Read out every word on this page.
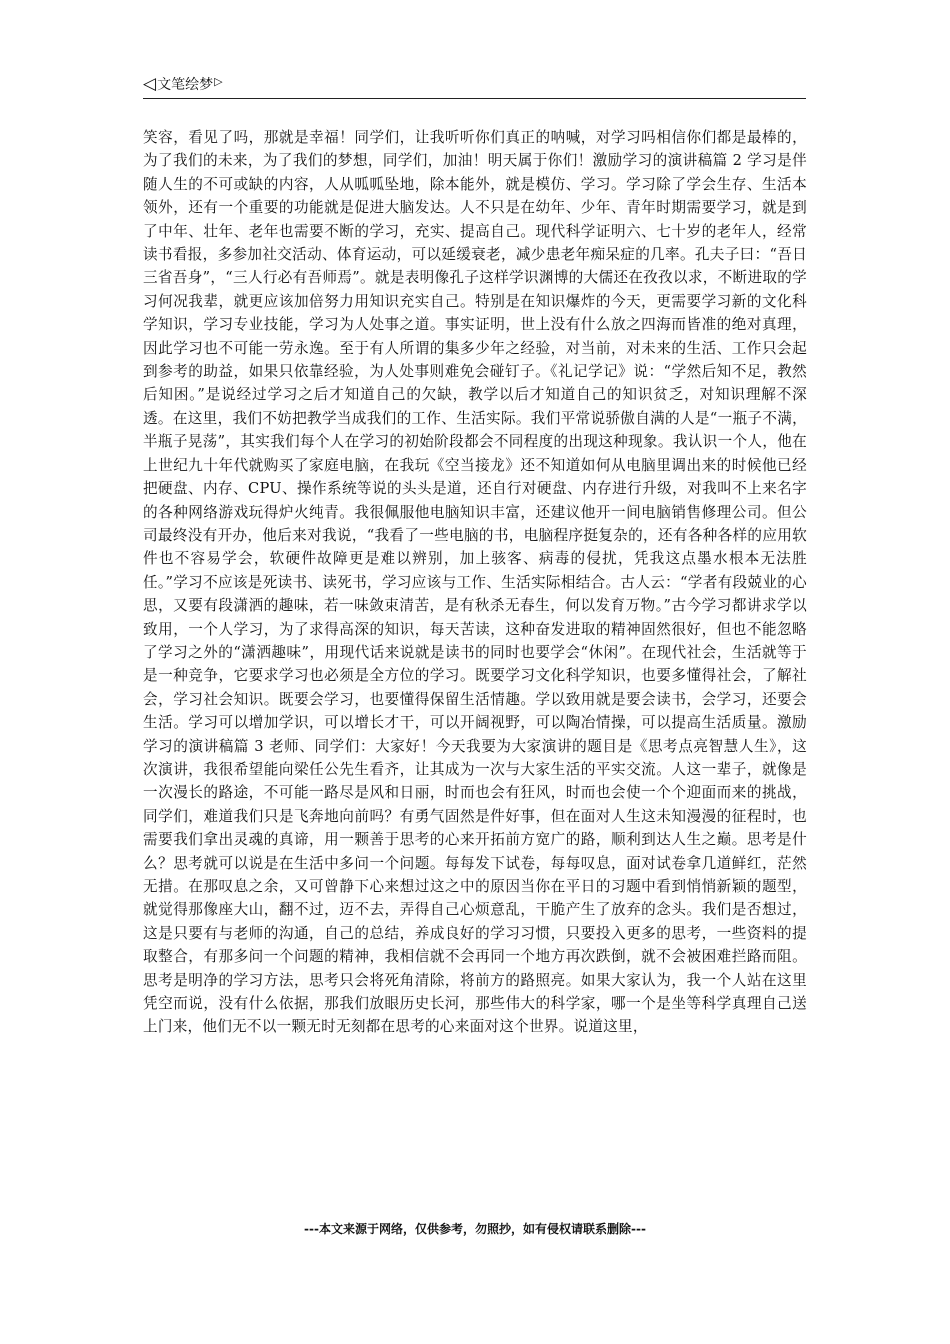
◁ 文笔绘梦 ▷

笑容，看见了吗，那就是幸福！同学们，让我听听你们真正的呐喊，对学习吗相信你们都是最棒的，为了我们的未来，为了我们的梦想，同学们，加油！明天属于你们！激励学习的演讲稿篇 2 学习是伴随人生的不可或缺的内容，人从呱呱坠地，除本能外，就是模仿、学习。学习除了学会生存、生活本领外，还有一个重要的功能就是促进大脑发达。人不只是在幼年、少年、青年时期需要学习，就是到了中年、壮年、老年也需要不断的学习，充实、提高自己。现代科学证明六、七十岁的老年人，经常读书看报，多参加社交活动、体育运动，可以延缓衰老，减少患老年痴呆症的几率。孔夫子曰：“吾日三省吾身”，“三人行必有吾师焉”。就是表明像孔子这样学识渊博的大儒还在孜孜以求，不断进取的学习何况我辈，就更应该加倍努力用知识充实自己。特别是在知识爆炸的今天，更需要学习新的文化科学知识，学习专业技能，学习为人处事之道。事实证明，世上没有什么放之四海而皆准的绝对真理，因此学习也不可能一劳永逸。至于有人所谓的集多少年之经验，对当前，对未来的生活、工作只会起到参考的助益，如果只依靠经验，为人处事则难免会碰钉子。《礼记学记》说：“学然后知不足，教然后知困。”是说经过学习之后才知道自己的欠缺，教学以后才知道自己的知识贫乏，对知识理解不深透。在这里，我们不妨把教学当成我们的工作、生活实际。我们平常说骄傲自满的人是“一瓶子不满，半瓶子晃荡”，其实我们每个人在学习的初始阶段都会不同程度的出现这种现象。我认识一个人，他在上世纪九十年代就购买了家庭电脑，在我玩《空当接龙》还不知道如何从电脑里调出来的时候他已经把硬盘、内存、CPU、操作系统等说的头头是道，还自行对硬盘、内存进行升级，对我叫不上来名字的各种网络游戏玩得炉火纯青。我很佩服他电脑知识丰富，还建议他开一间电脑销售修理公司。但公司最终没有开办，他后来对我说，“我看了一些电脑的书，电脑程序挺复杂的，还有各种各样的应用软件也不容易学会，软硬件故障更是难以辨别，加上骇客、病毒的侵扰，凭我这点墨水根本无法胜任。”学习不应该是死读书、读死书，学习应该与工作、生活实际相结合。古人云：“学者有段兢业的心思，又要有段潇洒的趣味，若一味敛束清苦，是有秋杀无春生，何以发育万物。”古今学习都讲求学以致用，一个人学习，为了求得高深的知识，每天苦读，这种奋发进取的精神固然很好，但也不能忽略了学习之外的“潇洒趣味”，用现代话来说就是读书的同时也要学会“休闲”。在现代社会，生活就等于是一种竞争，它要求学习也必须是全方位的学习。既要学习文化科学知识，也要多懂得社会，了解社会，学习社会知识。既要会学习，也要懂得保留生活情趣。学以致用就是要会读书，会学习，还要会生活。学习可以增加学识，可以增长才干，可以开阔视野，可以陶冶情操，可以提高生活质量。激励学习的演讲稿篇 3 老师、同学们：大家好！今天我要为大家演讲的题目是《思考点亮智慧人生》，这次演讲，我很希望能向梁任公先生看齐，让其成为一次与大家生活的平实交流。人这一辈子，就像是一次漫长的路途，不可能一路尽是风和日丽，时而也会有狂风，时而也会使一个个迎面而来的挑战，同学们，难道我们只是飞奔地向前吗？有勇气固然是件好事，但在面对人生这未知漫漫的征程时，也需要我们拿出灵魂的真谛，用一颗善于思考的心来开拓前方宽广的路，顺利到达人生之巅。思考是什么？思考就可以说是在生活中多问一个问题。每每发下试卷，每每叹息，面对试卷拿几道鲜红，茫然无措。在那叹息之余，又可曾静下心来想过这之中的原因当你在平日的习题中看到悄悄新颖的题型，就觉得那像座大山，翻不过，迈不去，弄得自己心烦意乱，干脆产生了放弃的念头。我们是否想过，这是只要有与老师的沟通，自己的总结，养成良好的学习习惯，只要投入更多的思考，一些资料的提取整合，有那多问一个问题的精神，我相信就不会再同一个地方再次跌倒，就不会被困难拦路而阻。思考是明净的学习方法，思考只会将死角清除，将前方的路照亮。如果大家认为，我一个人站在这里凭空而说，没有什么依据，那我们放眼历史长河，那些伟大的科学家，哪一个是坐等科学真理自己送上门来，他们无不以一颗无时无刻都在思考的心来面对这个世界。说道这里，

---本文来源于网络，仅供参考，勿照抄，如有侵权请联系删除---
